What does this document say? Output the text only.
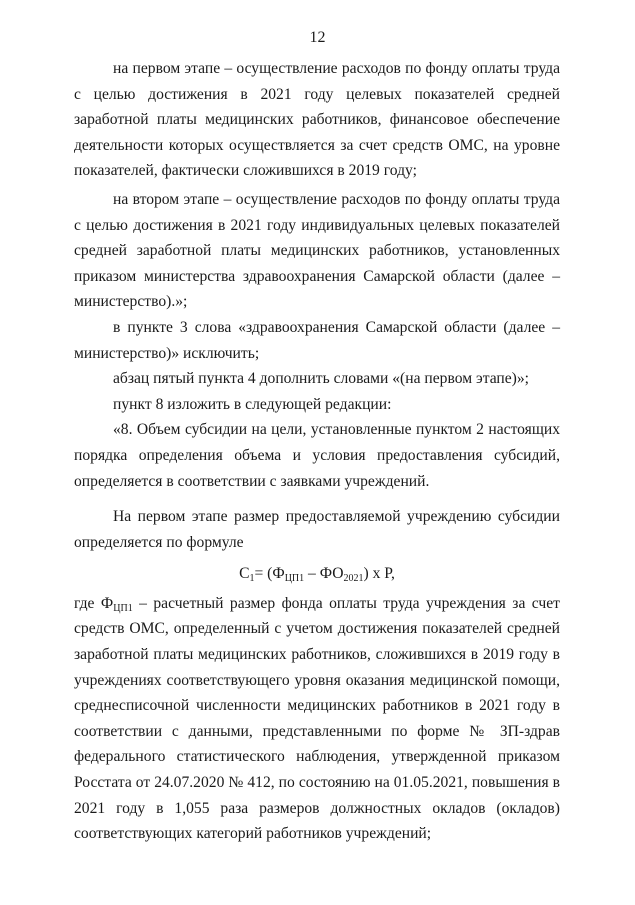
12

на первом этапе – осуществление расходов по фонду оплаты труда с целью достижения в 2021 году целевых показателей средней заработной платы медицинских работников, финансовое обеспечение деятельности которых осуществляется за счет средств ОМС, на уровне показателей, фактически сложившихся в 2019 году;

на втором этапе – осуществление расходов по фонду оплаты труда с целью достижения в 2021 году индивидуальных целевых показателей средней заработной платы медицинских работников, установленных приказом министерства здравоохранения Самарской области (далее – министерство).»;

в пункте 3 слова «здравоохранения Самарской области (далее – министерство)» исключить;

абзац пятый пункта 4 дополнить словами «(на первом этапе)»;

пункт 8 изложить в следующей редакции:

«8. Объем субсидии на цели, установленные пунктом 2 настоящих порядка определения объема и условия предоставления субсидий, определяется в соответствии с заявками учреждений.

На первом этапе размер предоставляемой учреждению субсидии определяется по формуле

$С_1= (Ф_{ЦП1} - ФО_{2021})$ х Р,

где $Ф_{ЦП1}$ – расчетный размер фонда оплаты труда учреждения за счет средств ОМС, определенный с учетом достижения показателей средней заработной платы медицинских работников, сложившихся в 2019 году в учреждениях соответствующего уровня оказания медицинской помощи, среднесписочной численности медицинских работников в 2021 году в соответствии с данными, представленными по форме № ЗП-здрав федерального статистического наблюдения, утвержденной приказом Росстата от 24.07.2020 № 412, по состоянию на 01.05.2021, повышения в 2021 году в 1,055 раза размеров должностных окладов (окладов) соответствующих категорий работников учреждений;
